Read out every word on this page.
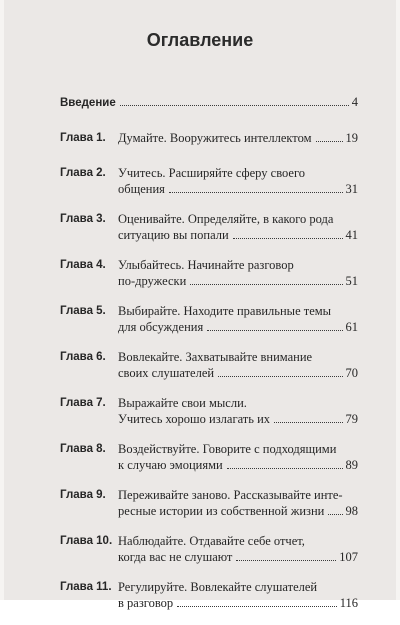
Оглавление
Введение	4
Глава 1. Думайте. Вооружитесь интеллектом	19
Глава 2. Учитесь. Расширяйте сферу своего
общения	31
Глава 3. Оценивайте. Определяйте, в какого рода
ситуацию вы попали	41
Глава 4. Улыбайтесь. Начинайте разговор
по-дружески	51
Глава 5. Выбирайте. Находите правильные темы
для обсуждения	61
Глава 6. Вовлекайте. Захватывайте внимание
своих слушателей	70
Глава 7. Выражайте свои мысли.
Учитесь хорошо излагать их	79
Глава 8. Воздействуйте. Говорите с подходящими
к случаю эмоциями	89
Глава 9. Переживайте заново. Рассказывайте инте-
ресные истории из собственной жизни 98
Глава 10. Наблюдайте. Отдавайте себе отчет,
когда вас не слушают	107
Глава 11. Регулируйте. Вовлекайте слушателей
в разговор	116
